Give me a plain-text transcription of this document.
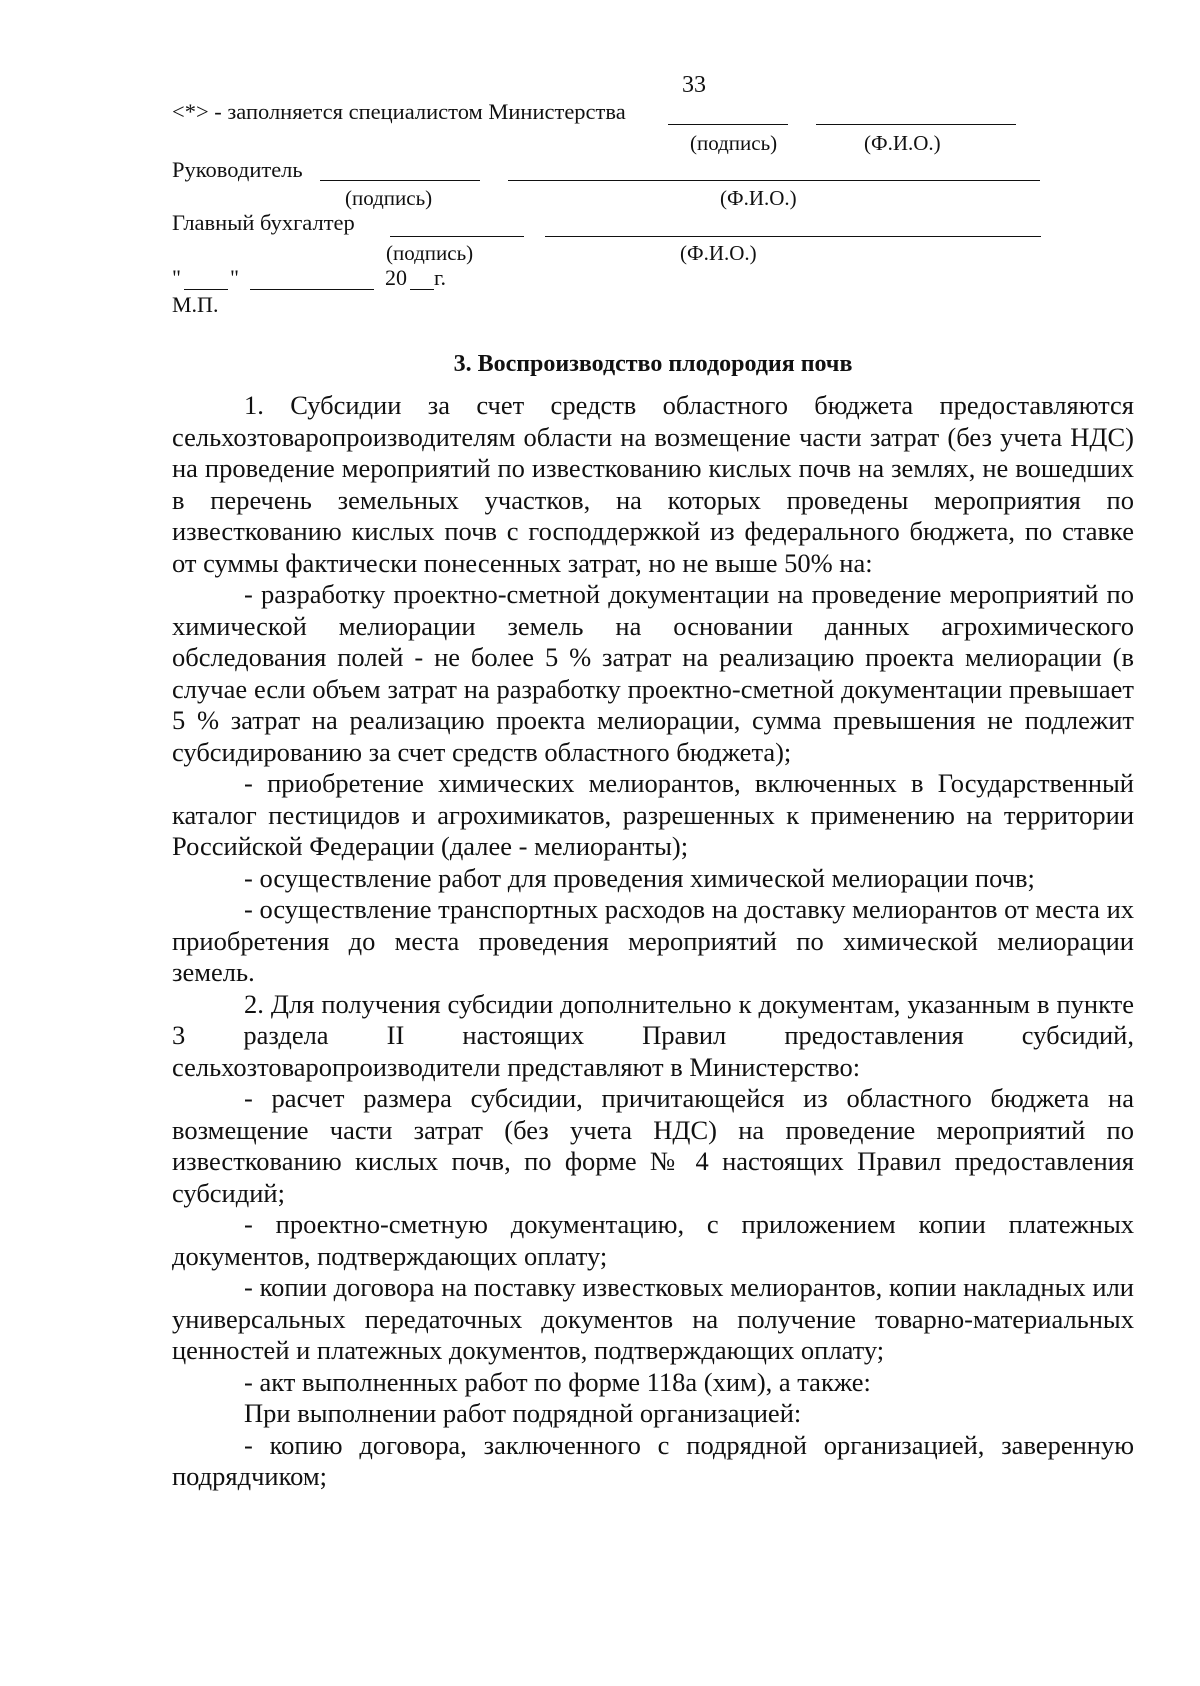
33
<*> - заполняется специалистом Министерства
(подпись)	(Ф.И.О.)
Руководитель
(подпись)	(Ф.И.О.)
Главный бухгалтер
(подпись)	(Ф.И.О.)
" "	20 г.
М.П.
3. Воспроизводство плодородия почв

1. Субсидии за счет средств областного бюджета предоставляются сельхозтоваропроизводителям области на возмещение части затрат (без учета НДС) на проведение мероприятий по известкованию кислых почв на землях, не вошедших в перечень земельных участков, на которых проведены мероприятия по известкованию кислых почв с господдержкой из федерального бюджета, по ставке от суммы фактически понесенных затрат, но не выше 50% на:

- разработку проектно-сметной документации на проведение мероприятий по химической мелиорации земель на основании данных агрохимического обследования полей - не более 5 % затрат на реализацию проекта мелиорации (в случае если объем затрат на разработку проектно-сметной документации превышает 5 % затрат на реализацию проекта мелиорации, сумма превышения не подлежит субсидированию за счет средств областного бюджета);

- приобретение химических мелиорантов, включенных в Государственный каталог пестицидов и агрохимикатов, разрешенных к применению на территории Российской Федерации (далее - мелиоранты);

- осуществление работ для проведения химической мелиорации почв;

- осуществление транспортных расходов на доставку мелиорантов от места их приобретения до места проведения мероприятий по химической мелиорации земель.

2. Для получения субсидии дополнительно к документам, указанным в пункте 3 раздела II настоящих Правил предоставления субсидий, сельхозтоваропроизводители представляют в Министерство:

- расчет размера субсидии, причитающейся из областного бюджета на возмещение части затрат (без учета НДС) на проведение мероприятий по известкованию кислых почв, по форме № 4 настоящих Правил предоставления субсидий;

- проектно-сметную документацию, с приложением копии платежных документов, подтверждающих оплату;

- копии договора на поставку известковых мелиорантов, копии накладных или универсальных передаточных документов на получение товарно-материальных ценностей и платежных документов, подтверждающих оплату;

- акт выполненных работ по форме 118а (хим), а также:

При выполнении работ подрядной организацией:

- копию договора, заключенного с подрядной организацией, заверенную подрядчиком;
